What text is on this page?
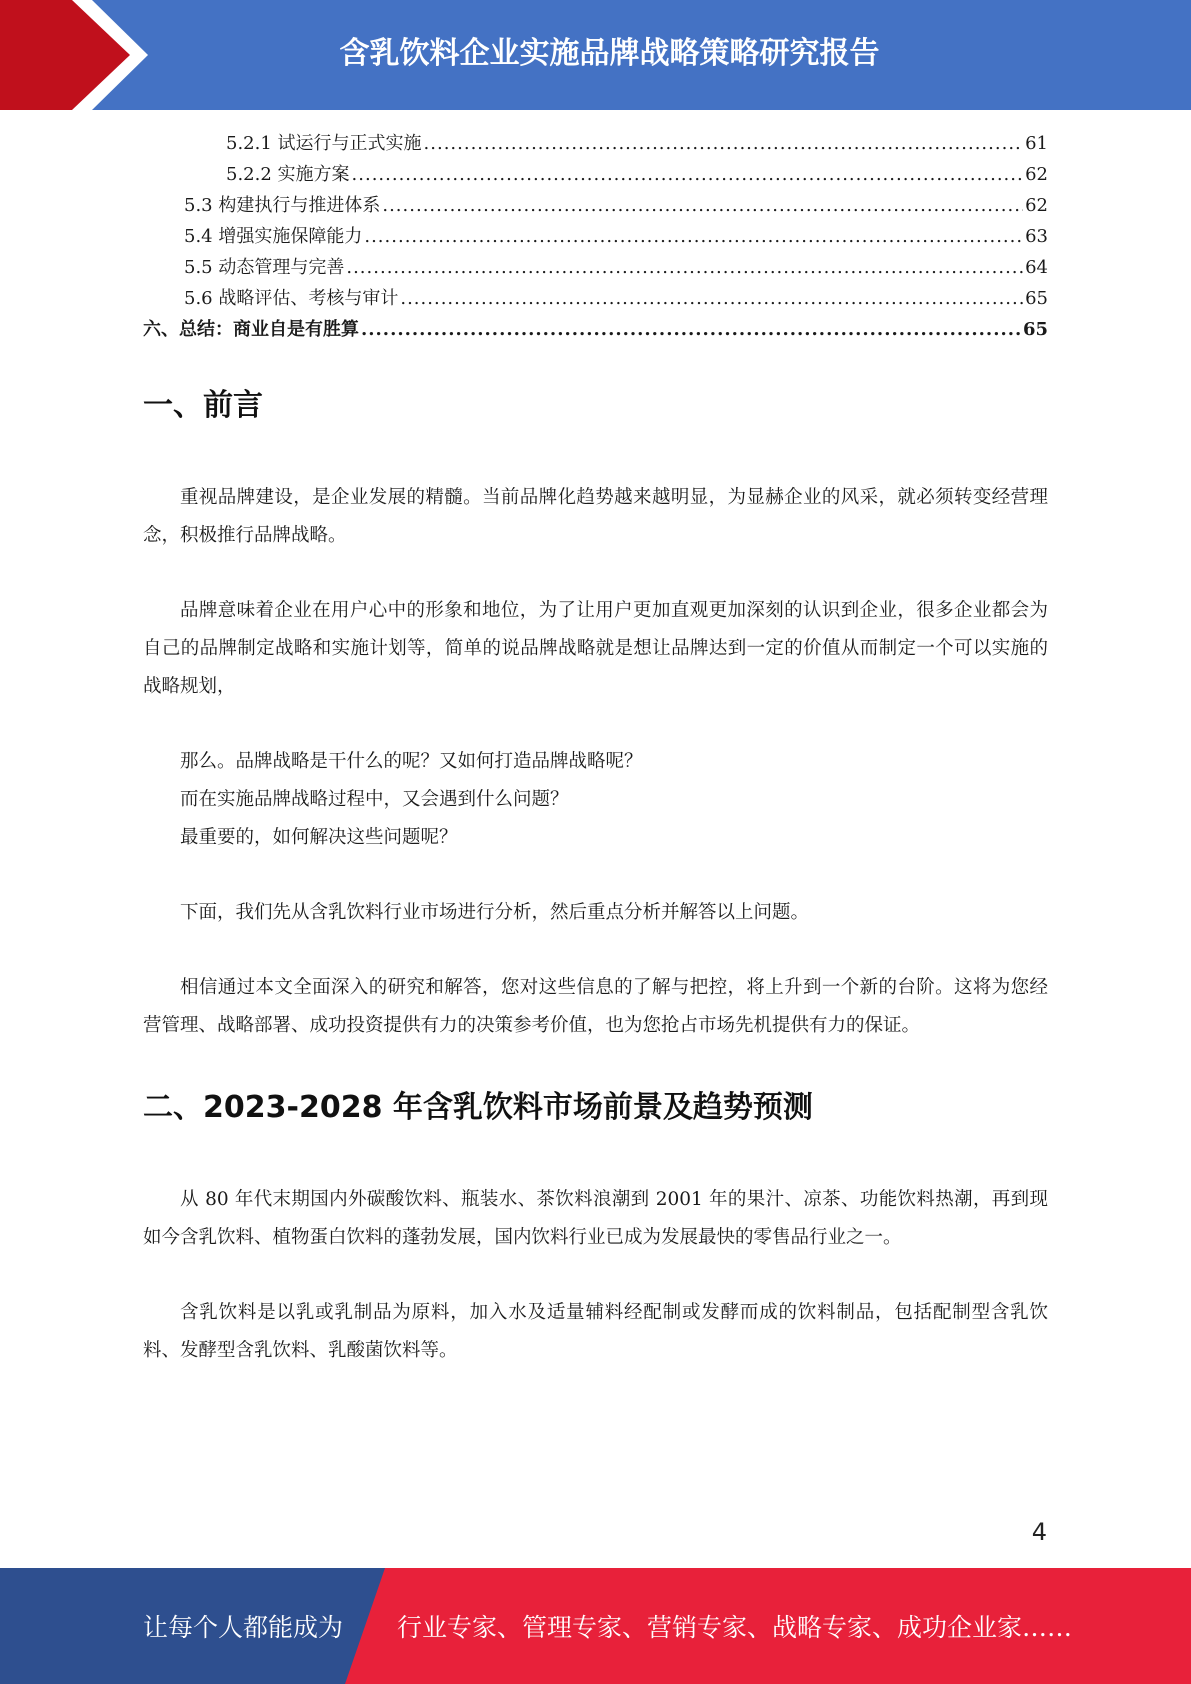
含乳饮料企业实施品牌战略策略研究报告
5.2.1 试运行与正式实施 .....	61
5.2.2 实施方案 .....	62
5.3 构建执行与推进体系 .....	62
5.4 增强实施保障能力 .....	63
5.5 动态管理与完善 .....	64
5.6 战略评估、考核与审计 .....	65
六、总结：商业自是有胜算 .....	65
一、前言

重视品牌建设，是企业发展的精髓。当前品牌化趋势越来越明显，为显赫企业的风采，就必须转变经营理念，积极推行品牌战略。

品牌意味着企业在用户心中的形象和地位，为了让用户更加直观更加深刻的认识到企业，很多企业都会为自己的品牌制定战略和实施计划等，简单的说品牌战略就是想让品牌达到一定的价值从而制定一个可以实施的战略规划，

那么。品牌战略是干什么的呢？又如何打造品牌战略呢？

而在实施品牌战略过程中，又会遇到什么问题？

最重要的，如何解决这些问题呢？

下面，我们先从含乳饮料行业市场进行分析，然后重点分析并解答以上问题。

相信通过本文全面深入的研究和解答，您对这些信息的了解与把控，将上升到一个新的台阶。这将为您经营管理、战略部署、成功投资提供有力的决策参考价值，也为您抢占市场先机提供有力的保证。

二、2023-2028 年含乳饮料市场前景及趋势预测

从 80 年代末期国内外碳酸饮料、瓶装水、茶饮料浪潮到 2001 年的果汁、凉茶、功能饮料热潮，再到现如今含乳饮料、植物蛋白饮料的蓬勃发展，国内饮料行业已成为发展最快的零售品行业之一。

含乳饮料是以乳或乳制品为原料，加入水及适量辅料经配制或发酵而成的饮料制品，包括配制型含乳饮料、发酵型含乳饮料、乳酸菌饮料等。

4
让每个人都能成为 行业专家、管理专家、营销专家、战略专家、成功企业家……
